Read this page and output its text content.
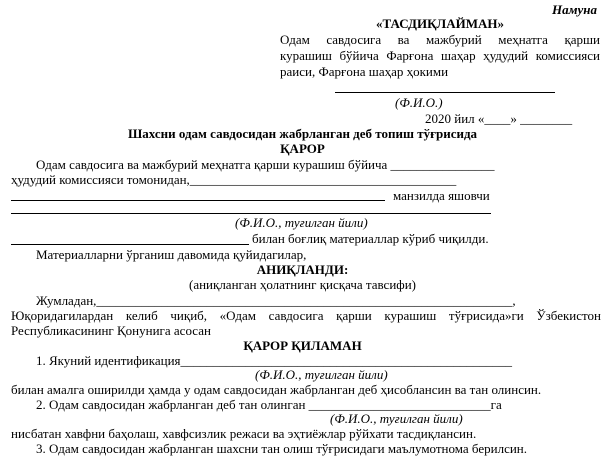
Намуна
«ТАСДИҚЛАЙМАН»
Одам савдосига ва мажбурий меҳнатга қарши
курашиш бўйича Фарғона шаҳар ҳудудий комиссияси
раиси, Фарғона шаҳар ҳокими
(Ф.И.О.)
2020 йил «____» ________
Шахсни одам савдосидан жабрланган деб топиш тўғрисида
ҚАРОР
Одам савдосига ва мажбурий меҳнатга қарши курашиш бўйича ________________
ҳудудий комиссияси томонидан,_________________________________________
манзилда яшовчи
(Ф.И.О., туғилган йили)
билан боғлиқ материаллар кўриб чиқилди.
Материалларни ўрганиш давомида қуйидагилар,
АНИҚЛАНДИ:
(аниқланган ҳолатнинг қисқача тавсифи)
Жумладан,________________________________________________________________,
Юқоридагилардан келиб чиқиб, «Одам савдосига қарши курашиш тўғрисида»ги Ўзбекистон
Республикасининг Қонунига асосан
ҚАРОР ҚИЛАМАН
1. Якуний идентификация___________________________________________________
(Ф.И.О., туғилган йили)
билан амалга оширилди ҳамда у одам савдосидан жабрланган деб ҳисоблансин ва тан олинсин.
2. Одам савдосидан жабрланган деб тан олинган ____________________________га
(Ф.И.О., туғилган йили)
нисбатан хавфни баҳолаш, хавфсизлик режаси ва эҳтиёжлар рўйхати тасдиқлансин.
3. Одам савдосидан жабрланган шахсни тан олиш тўғрисидаги маълумотнома берилсин.
